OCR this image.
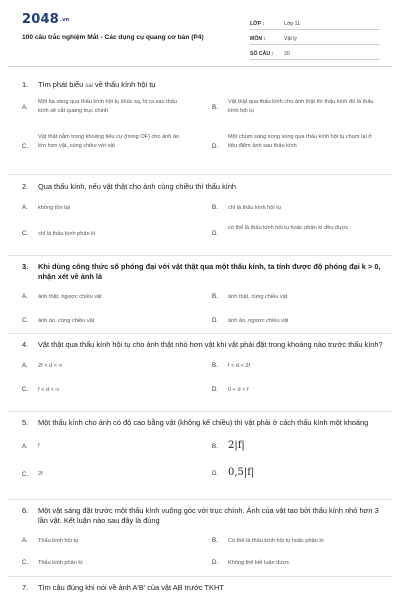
2048.vn
100 câu trắc nghiệm Mắt - Các dụng cụ quang cơ bản (P4)
LỚP :	Lớp 11
MÔN :	Vật lý
SỐ CÂU :	20
1. Tìm phát biểu sai về thấu kính hội tụ
A.
Một tia sáng qua thấu kính hội tụ khúc xạ, ló ra sau thấu kính sẽ cắt quang trục chính	B.
Vật thật qua thấu kính cho ảnh thật thì thấu kính đó là thấu kính hội tụ
C.
Vật thật nằm trong khoảng tiêu cự (trong OF) cho ảnh ảo lớn hơn vật, cùng chiều với vật	D.
Một chùm sáng song song qua thấu kính hội tụ chụm lại ở tiêu điểm ảnh sau thấu kính
2. Qua thấu kính, nếu vật thật cho ảnh cùng chiều thì thấu kính
A. không tồn tại	B. chỉ là thấu kính hội tụ
C. chỉ là thấu kính phân kì	D.
có thể là thấu kính hội tụ hoặc phân kì đều được
3. Khi dùng công thức số phóng đại với vật thật qua một thấu kính, ta tính được độ phóng đại k > 0, nhận xét về ảnh là
A. ảnh thật, ngược chiều vật	B. ảnh thật, cùng chiều vật
C. ảnh ảo, cùng chiều vật	D. ảnh ảo, ngược chiều vật
4. Vật thật qua thấu kính hội tụ cho ảnh thật nhỏ hơn vật khi vật phải đặt trong khoảng nào trước thấu kính?
A. 2f < d < ∞	B. f < d < 2f
C. f < d < ∞	D. 0 < d < f
5. Một thấu kính cho ảnh có độ cao bằng vật (không kể chiều) thì vật phải ở cách thấu kính một khoảng
A. f	B. 2|f|
C. 2f	D. 0,5|f|
6. Một vật sáng đặt trước một thấu kính vuông góc với trục chính. Ảnh của vật tạo bởi thấu kính nhỏ hơn 3 lần vật. Kết luận nào sau đây là đúng
A. Thấu kính hội tụ	B. Có thể là thấu kính hội tụ hoặc phân kì
C. Thấu kính phân kì	D. Không thể kết luận được
7. Tìm câu đúng khi nói về ảnh A'B' của vật AB trước TKHT
